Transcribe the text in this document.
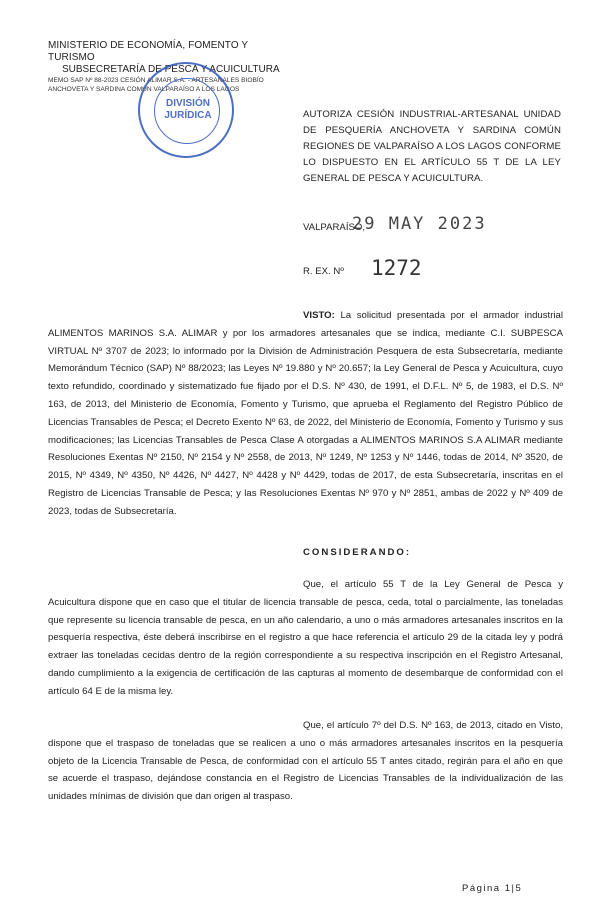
MINISTERIO DE ECONOMÍA, FOMENTO Y TURISMO
SUBSECRETARÍA DE PESCA Y ACUICULTURA
MEMO SAP Nº 88-2023 CESIÓN ALIMAR S.A. - ARTESANALES BIOBÍO ANCHOVETA Y SARDINA COMÚN VALPARAÍSO A LOS LAGOS
DIVISIÓN
JURÍDICA	AUTORIZA CESIÓN INDUSTRIAL-ARTESANAL UNIDAD DE PESQUERÍA ANCHOVETA Y SARDINA COMÚN REGIONES DE VALPARAÍSO A LOS LAGOS CONFORME LO DISPUESTO EN EL ARTÍCULO 55 T DE LA LEY GENERAL DE PESCA Y ACUICULTURA.
VALPARAÍSO,
29 MAY 2023
R. EX. Nº 1272
VISTO: La solicitud presentada por el armador industrial ALIMENTOS MARINOS S.A. ALIMAR y por los armadores artesanales que se indica, mediante C.I. SUBPESCA VIRTUAL Nº 3707 de 2023; lo informado por la División de Administración Pesquera de esta Subsecretaría, mediante Memorándum Técnico (SAP) Nº 88/2023; las Leyes Nº 19.880 y Nº 20.657; la Ley General de Pesca y Acuicultura, cuyo texto refundido, coordinado y sistematizado fue fijado por el D.S. Nº 430, de 1991, el D.F.L. Nº 5, de 1983, el D.S. Nº 163, de 2013, del Ministerio de Economía, Fomento y Turismo, que aprueba el Reglamento del Registro Público de Licencias Transables de Pesca; el Decreto Exento Nº 63, de 2022, del Ministerio de Economía, Fomento y Turismo y sus modificaciones; las Licencias Transables de Pesca Clase A otorgadas a ALIMENTOS MARINOS S.A ALIMAR mediante Resoluciones Exentas Nº 2150, Nº 2154 y Nº 2558, de 2013, Nº 1249, Nº 1253 y Nº 1446, todas de 2014, Nº 3520, de 2015, Nº 4349, Nº 4350, Nº 4426, Nº 4427, Nº 4428 y Nº 4429, todas de 2017, de esta Subsecretaría, inscritas en el Registro de Licencias Transable de Pesca; y las Resoluciones Exentas Nº 970 y Nº 2851, ambas de 2022 y Nº 409 de 2023, todas de Subsecretaría.
CONSIDERANDO:
Que, el artículo 55 T de la Ley General de Pesca y Acuicultura dispone que en caso que el titular de licencia transable de pesca, ceda, total o parcialmente, las toneladas que represente su licencia transable de pesca, en un año calendario, a uno o más armadores artesanales inscritos en la pesquería respectiva, éste deberá inscribirse en el registro a que hace referencia el artículo 29 de la citada ley y podrá extraer las toneladas cecidas dentro de la región correspondiente a su respectiva inscripción en el Registro Artesanal, dando cumplimiento a la exigencia de certificación de las capturas al momento de desembarque de conformidad con el artículo 64 E de la misma ley.
Que, el artículo 7º del D.S. Nº 163, de 2013, citado en Visto, dispone que el traspaso de toneladas que se realicen a uno o más armadores artesanales inscritos en la pesquería objeto de la Licencia Transable de Pesca, de conformidad con el artículo 55 T antes citado, regirán para el año en que se acuerde el traspaso, dejándose constancia en el Registro de Licencias Transables de la individualización de las unidades mínimas de división que dan origen al traspaso.
Página 1|5
